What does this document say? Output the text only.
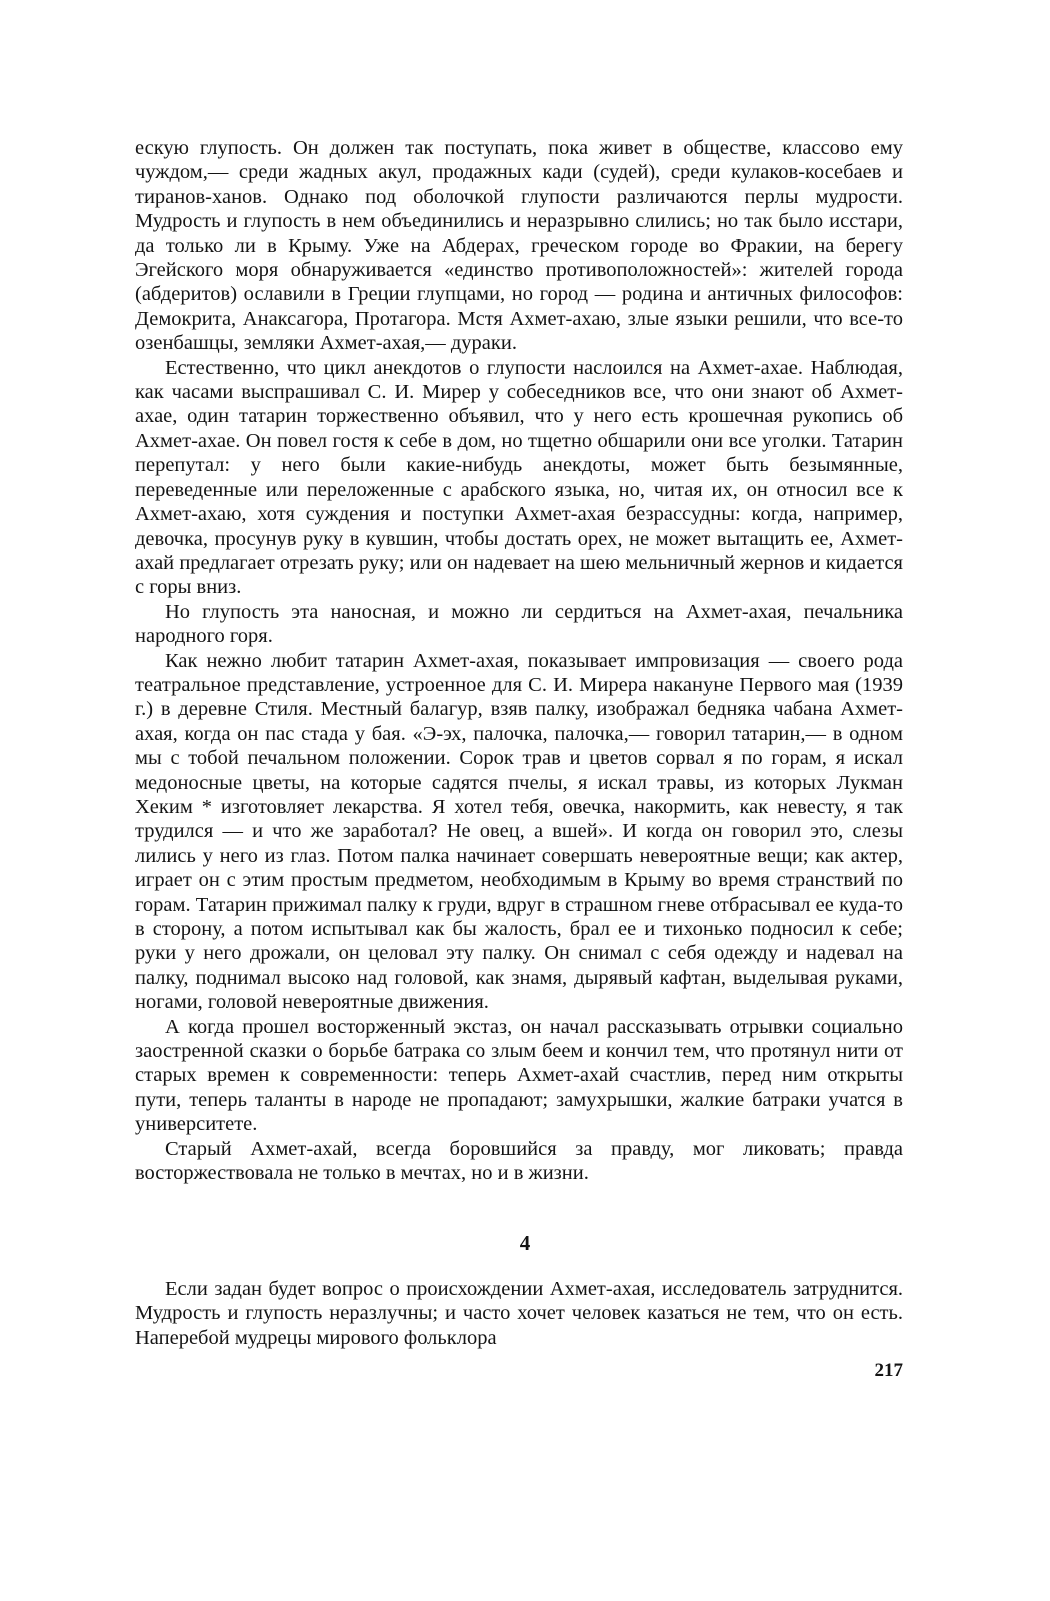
ескую глупость. Он должен так поступать, пока живет в обществе, классово ему чуждом,— среди жадных акул, продажных кади (судей), среди кулаков-косебаев и тиранов-ханов. Однако под оболочкой глупости различаются перлы мудрости. Мудрость и глупость в нем объединились и неразрывно слились; но так было исстари, да только ли в Крыму. Уже на Абдерах, греческом городе во Фракии, на берегу Эгейского моря обнаруживается «единство противоположностей»: жителей города (абдеритов) ославили в Греции глупцами, но город — родина и античных философов: Демокрита, Анаксагора, Протагора. Мстя Ахмет-ахаю, злые языки решили, что все-то озенбашцы, земляки Ахмет-ахая,— дураки.

Естественно, что цикл анекдотов о глупости наслоился на Ахмет-ахае. Наблюдая, как часами выспрашивал С. И. Мирер у собеседников все, что они знают об Ахмет-ахае, один татарин торжественно объявил, что у него есть крошечная рукопись об Ахмет-ахае. Он повел гостя к себе в дом, но тщетно обшарили они все уголки. Татарин перепутал: у него были какие-нибудь анекдоты, может быть безымянные, переведенные или переложенные с арабского языка, но, читая их, он относил все к Ахмет-ахаю, хотя суждения и поступки Ахмет-ахая безрассудны: когда, например, девочка, просунув руку в кувшин, чтобы достать орех, не может вытащить ее, Ахмет-ахай предлагает отрезать руку; или он надевает на шею мельничный жернов и кидается с горы вниз.

Но глупость эта наносная, и можно ли сердиться на Ахмет-ахая, печальника народного горя.

Как нежно любит татарин Ахмет-ахая, показывает импровизация — своего рода театральное представление, устроенное для С. И. Мирера накануне Первого мая (1939 г.) в деревне Стиля. Местный балагур, взяв палку, изображал бедняка чабана Ахмет-ахая, когда он пас стада у бая. «Э-эх, палочка, палочка,— говорил татарин,— в одном мы с тобой печальном положении. Сорок трав и цветов сорвал я по горам, я искал медоносные цветы, на которые садятся пчелы, я искал травы, из которых Лукман Хеким * изготовляет лекарства. Я хотел тебя, овечка, накормить, как невесту, я так трудился — и что же заработал? Не овец, а вшей». И когда он говорил это, слезы лились у него из глаз. Потом палка начинает совершать невероятные вещи; как актер, играет он с этим простым предметом, необходимым в Крыму во время странствий по горам. Татарин прижимал палку к груди, вдруг в страшном гневе отбрасывал ее куда-то в сторону, а потом испытывал как бы жалость, брал ее и тихонько подносил к себе; руки у него дрожали, он целовал эту палку. Он снимал с себя одежду и надевал на палку, поднимал высоко над головой, как знамя, дырявый кафтан, выделывая руками, ногами, головой невероятные движения.

А когда прошел восторженный экстаз, он начал рассказывать отрывки социально заостренной сказки о борьбе батрака со злым беем и кончил тем, что протянул нити от старых времен к современности: теперь Ахмет-ахай счастлив, перед ним открыты пути, теперь таланты в народе не пропадают; замухрышки, жалкие батраки учатся в университете.

Старый Ахмет-ахай, всегда боровшийся за правду, мог ликовать; правда восторжествовала не только в мечтах, но и в жизни.

4

Если задан будет вопрос о происхождении Ахмет-ахая, исследователь затруднится. Мудрость и глупость неразлучны; и часто хочет человек казаться не тем, что он есть. Наперебой мудрецы мирового фольклора

217
